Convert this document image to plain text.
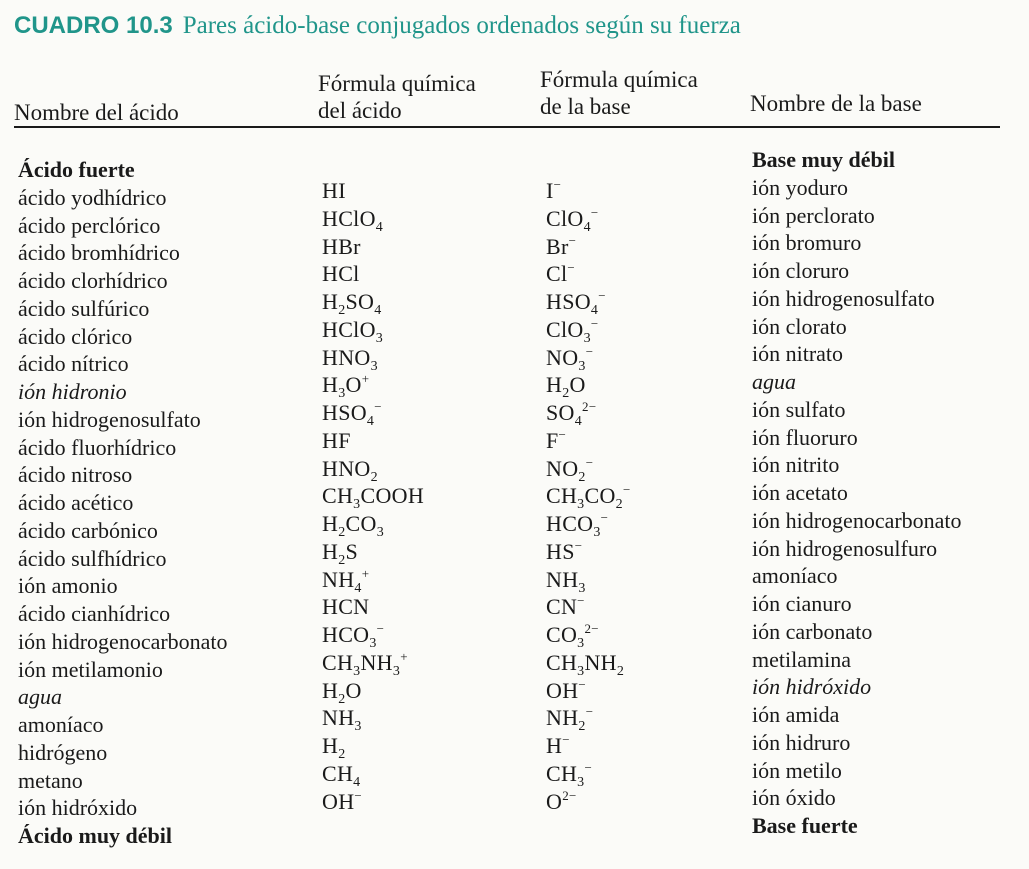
CUADRO 10.3 Pares ácido-base conjugados ordenados según su fuerza
Nombre del ácido
Fórmula química
del ácido
Fórmula química
de la base	Nombre de la base
Ácido fuerte
ácido yodhídrico
ácido perclórico
ácido bromhídrico
ácido clorhídrico
ácido sulfúrico
ácido clórico
ácido nítrico
ión hidronio
ión hidrogenosulfato
ácido fluorhídrico
ácido nitroso
ácido acético
ácido carbónico
ácido sulfhídrico
ión amonio
ácido cianhídrico
ión hidrogenocarbonato
ión metilamonio
agua
amoníaco
hidrógeno
metano
ión hidróxido
Ácido muy débil
HI
HClO$_4$
HBr
HCl
$H_2SO_4$
HClO$_3$
$HNO_3$
$H_3O^+$
$HSO_4^-$
HF
$HNO_2$
$CH_3COOH$
$H_2CO_3$
$H_2S$
$NH_4^+$
HCN
$HCO_3^-$
$CH_3NH_3^+$
$H_2O$
$NH_3$
$H_2$
$CH_4$
OH−
I−
ClO$_4$−
Br−
Cl−
$HSO_4^-$
ClO$_3$−
$NO_3^-$
$H_2O$
$SO_4^{2-}$
F−
$NO_2^-$
$CH_3CO_2^-$
$HCO_3^-$
HS−
$NH_3$
CN−
$CO_3^{2-}$
$CH_3NH_2$
OH−
$NH_2^-$
H−
$CH_3^-$
$O^{2-}$
Base muy débil
ión yoduro
ión perclorato
ión bromuro
ión cloruro
ión hidrogenosulfato
ión clorato
ión nitrato
agua
ión sulfato
ión fluoruro
ión nitrito
ión acetato
ión hidrogenocarbonato
ión hidrogenosulfuro
amoníaco
ión cianuro
ión carbonato
metilamina
ión hidróxido
ión amida
ión hidruro
ión metilo
ión óxido
Base fuerte
